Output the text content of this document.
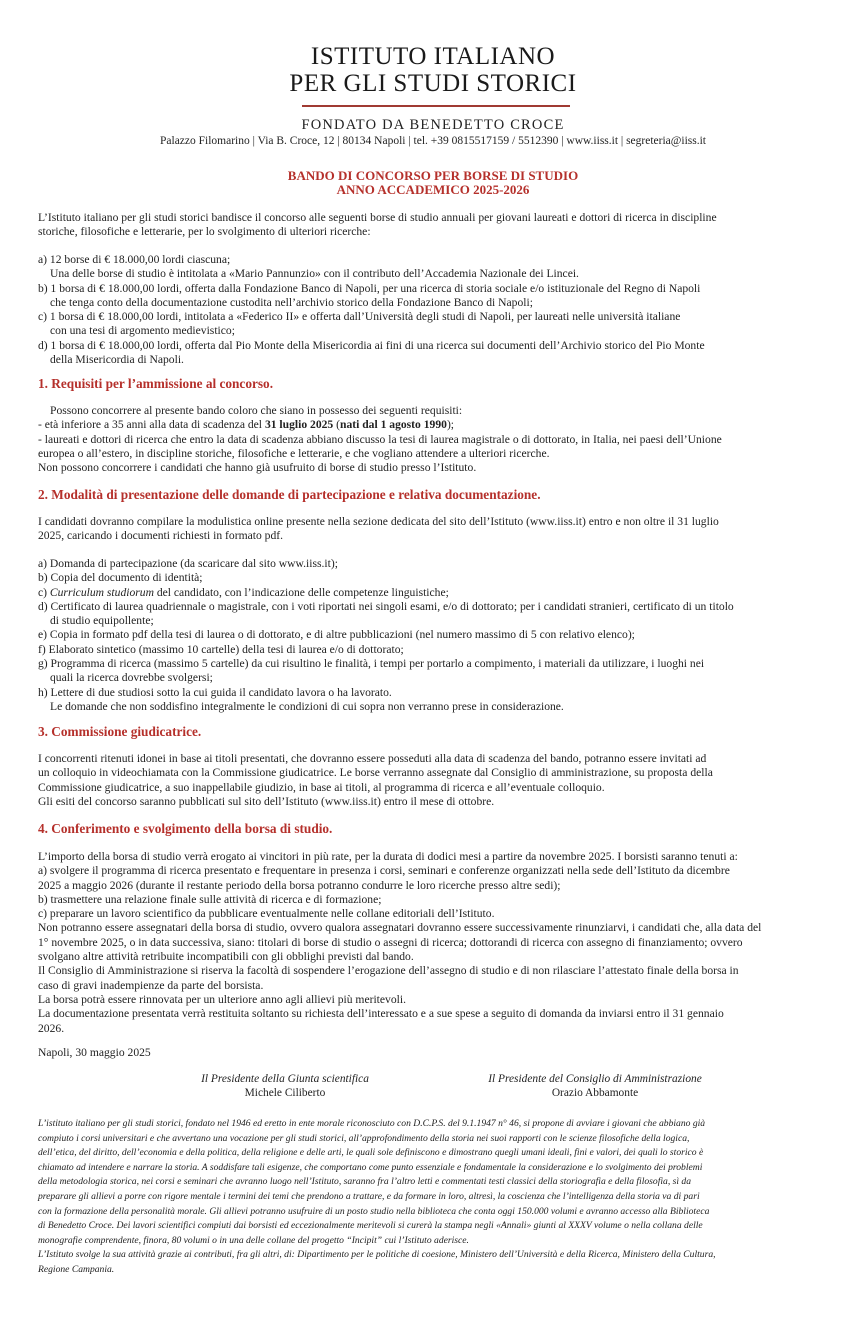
ISTITUTO ITALIANO
PER GLI STUDI STORICI
FONDATO DA BENEDETTO CROCE
Palazzo Filomarino | Via B. Croce, 12 | 80134 Napoli | tel. +39 0815517159 / 5512390 | www.iiss.it | segreteria@iiss.it
BANDO DI CONCORSO PER BORSE DI STUDIO
ANNO ACCADEMICO 2025-2026
L’Istituto italiano per gli studi storici bandisce il concorso alle seguenti borse di studio annuali per giovani laureati e dottori di ricerca in discipline
storiche, filosofiche e letterarie, per lo svolgimento di ulteriori ricerche:
a) 12 borse di € 18.000,00 lordi ciascuna;
Una delle borse di studio è intitolata a «Mario Pannunzio» con il contributo dell’Accademia Nazionale dei Lincei.
b) 1 borsa di € 18.000,00 lordi, offerta dalla Fondazione Banco di Napoli, per una ricerca di storia sociale e/o istituzionale del Regno di Napoli
che tenga conto della documentazione custodita nell’archivio storico della Fondazione Banco di Napoli;
c) 1 borsa di € 18.000,00 lordi, intitolata a «Federico II» e offerta dall’Università degli studi di Napoli, per laureati nelle università italiane
con una tesi di argomento medievistico;
d) 1 borsa di € 18.000,00 lordi, offerta dal Pio Monte della Misericordia ai fini di una ricerca sui documenti dell’Archivio storico del Pio Monte
della Misericordia di Napoli.
1. Requisiti per l’ammissione al concorso.
Possono concorrere al presente bando coloro che siano in possesso dei seguenti requisiti:
- età inferiore a 35 anni alla data di scadenza del 31 luglio 2025 (nati dal 1 agosto 1990);
- laureati e dottori di ricerca che entro la data di scadenza abbiano discusso la tesi di laurea magistrale o di dottorato, in Italia, nei paesi dell’Unione
europea o all’estero, in discipline storiche, filosofiche e letterarie, e che vogliano attendere a ulteriori ricerche.
Non possono concorrere i candidati che hanno già usufruito di borse di studio presso l’Istituto.
2. Modalità di presentazione delle domande di partecipazione e relativa documentazione.
I candidati dovranno compilare la modulistica online presente nella sezione dedicata del sito dell’Istituto (www.iiss.it) entro e non oltre il 31 luglio
2025, caricando i documenti richiesti in formato pdf.
a) Domanda di partecipazione (da scaricare dal sito www.iiss.it);
b) Copia del documento di identità;
c) Curriculum studiorum del candidato, con l’indicazione delle competenze linguistiche;
d) Certificato di laurea quadriennale o magistrale, con i voti riportati nei singoli esami, e/o di dottorato; per i candidati stranieri, certificato di un titolo
di studio equipollente;
e) Copia in formato pdf della tesi di laurea o di dottorato, e di altre pubblicazioni (nel numero massimo di 5 con relativo elenco);
f) Elaborato sintetico (massimo 10 cartelle) della tesi di laurea e/o di dottorato;
g) Programma di ricerca (massimo 5 cartelle) da cui risultino le finalità, i tempi per portarlo a compimento, i materiali da utilizzare, i luoghi nei
quali la ricerca dovrebbe svolgersi;
h) Lettere di due studiosi sotto la cui guida il candidato lavora o ha lavorato.
Le domande che non soddisfino integralmente le condizioni di cui sopra non verranno prese in considerazione.
3. Commissione giudicatrice.
I concorrenti ritenuti idonei in base ai titoli presentati, che dovranno essere posseduti alla data di scadenza del bando, potranno essere invitati ad
un colloquio in videochiamata con la Commissione giudicatrice. Le borse verranno assegnate dal Consiglio di amministrazione, su proposta della
Commissione giudicatrice, a suo inappellabile giudizio, in base ai titoli, al programma di ricerca e all’eventuale colloquio.
Gli esiti del concorso saranno pubblicati sul sito dell’Istituto (www.iiss.it) entro il mese di ottobre.
4. Conferimento e svolgimento della borsa di studio.
L’importo della borsa di studio verrà erogato ai vincitori in più rate, per la durata di dodici mesi a partire da novembre 2025. I borsisti saranno tenuti a:
a) svolgere il programma di ricerca presentato e frequentare in presenza i corsi, seminari e conferenze organizzati nella sede dell’Istituto da dicembre
2025 a maggio 2026 (durante il restante periodo della borsa potranno condurre le loro ricerche presso altre sedi);
b) trasmettere una relazione finale sulle attività di ricerca e di formazione;
c) preparare un lavoro scientifico da pubblicare eventualmente nelle collane editoriali dell’Istituto.
Non potranno essere assegnatari della borsa di studio, ovvero qualora assegnatari dovranno essere successivamente rinunziarvi, i candidati che, alla data del
1° novembre 2025, o in data successiva, siano: titolari di borse di studio o assegni di ricerca; dottorandi di ricerca con assegno di finanziamento; ovvero
svolgano altre attività retribuite incompatibili con gli obblighi previsti dal bando.
Il Consiglio di Amministrazione si riserva la facoltà di sospendere l’erogazione dell’assegno di studio e di non rilasciare l’attestato finale della borsa in
caso di gravi inadempienze da parte del borsista.
La borsa potrà essere rinnovata per un ulteriore anno agli allievi più meritevoli.
La documentazione presentata verrà restituita soltanto su richiesta dell’interessato e a sue spese a seguito di domanda da inviarsi entro il 31 gennaio
2026.
Napoli, 30 maggio 2025
Il Presidente della Giunta scientifica
Michele Ciliberto
Il Presidente del Consiglio di Amministrazione
Orazio Abbamonte
L’istituto italiano per gli studi storici, fondato nel 1946 ed eretto in ente morale riconosciuto con D.C.P.S. del 9.1.1947 n° 46, si propone di avviare i giovani che abbiano già
compiuto i corsi universitari e che avvertano una vocazione per gli studi storici, all’approfondimento della storia nei suoi rapporti con le scienze filosofiche della logica,
dell’etica, del diritto, dell’economia e della politica, della religione e delle arti, le quali sole definiscono e dimostrano quegli umani ideali, fini e valori, dei quali lo storico è
chiamato ad intendere e narrare la storia. A soddisfare tali esigenze, che comportano come punto essenziale e fondamentale la considerazione e lo svolgimento dei problemi
della metodologia storica, nei corsi e seminari che avranno luogo nell’Istituto, saranno fra l’altro letti e commentati testi classici della storiografia e della filosofia, sì da
preparare gli allievi a porre con rigore mentale i termini dei temi che prendono a trattare, e da formare in loro, altresì, la coscienza che l’intelligenza della storia va di pari
con la formazione della personalità morale. Gli allievi potranno usufruire di un posto studio nella biblioteca che conta oggi 150.000 volumi e avranno accesso alla Biblioteca
di Benedetto Croce. Dei lavori scientifici compiuti dai borsisti ed eccezionalmente meritevoli si curerà la stampa negli «Annali» giunti al XXXV volume o nella collana delle
monografie comprendente, finora, 80 volumi o in una delle collane del progetto “Incipit” cui l’Istituto aderisce.
L’Istituto svolge la sua attività grazie ai contributi, fra gli altri, di: Dipartimento per le politiche di coesione, Ministero dell’Università e della Ricerca, Ministero della Cultura,
Regione Campania.
